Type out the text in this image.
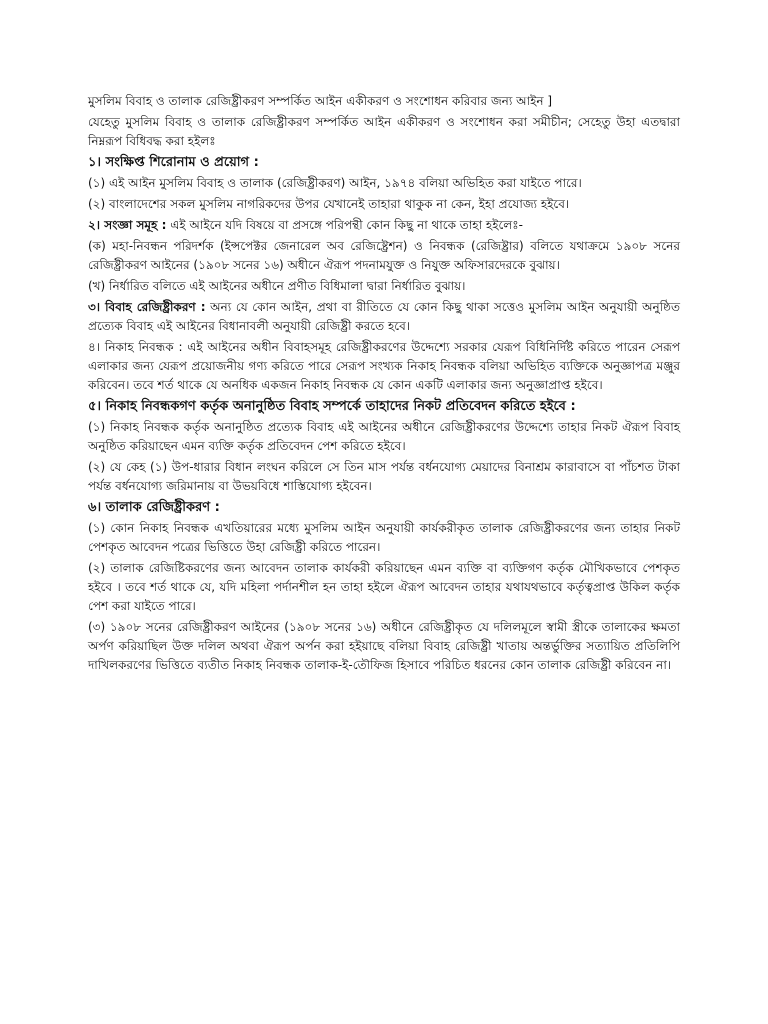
মুসলিম বিবাহ ও তালাক রেজিষ্ট্রীকরণ সম্পর্কিত আইন একীকরণ ও সংশোধন করিবার জন্য আইন ]

যেহেতু মুসলিম বিবাহ ও তালাক রেজিষ্ট্রীকরণ সম্পর্কিত আইন একীকরণ ও সংশোধন করা সমীচীন; সেহেতু উহা এতদ্বারা নিম্নরূপ বিধিবদ্ধ করা হইলঃ

১। সংক্ষিপ্ত শিরোনাম ও প্রয়োগ :

(১) এই আইন মুসলিম বিবাহ ও তালাক (রেজিষ্ট্রীকরণ) আইন, ১৯৭৪ বলিয়া অভিহিত করা যাইতে পারে।

(২) বাংলাদেশের সকল মুসলিম নাগরিকদের উপর যেখানেই তাহারা থাকুক না কেন, ইহা প্রযোজ্য হইবে।

২। সংজ্ঞা সমূহ : এই আইনে যদি বিষয়ে বা প্রসঙ্গে পরিপন্থী কোন কিছু না থাকে তাহা হইলেঃ-

(ক) মহা-নিবন্ধন পরিদর্শক (ইন্সপেক্টর জেনারেল অব রেজিষ্ট্রেশন) ও নিবন্ধক (রেজিষ্ট্রার) বলিতে যথাক্রমে ১৯০৮ সনের রেজিষ্ট্রীকরণ আইনের (১৯০৮ সনের ১৬) অধীনে ঐরূপ পদনামযুক্ত ও নিযুক্ত অফিসারদেরকে বুঝায়।

(খ) নির্ধারিত বলিতে এই আইনের অধীনে প্রণীত বিধিমালা দ্বারা নির্ধারিত বুঝায়।

৩। বিবাহ রেজিষ্ট্রীকরণ : অন্য যে কোন আইন, প্রথা বা রীতিতে যে কোন কিছু থাকা সত্তেও মুসলিম আইন অনুযায়ী অনুষ্ঠিত প্রত্যেক বিবাহ এই আইনের বিধানাবলী অনুযায়ী রেজিষ্ট্রী করতে হবে।

৪। নিকাহ নিবন্ধক : এই আইনের অধীন বিবাহসমূহ রেজিষ্ট্রীকরণের উদ্দেশ্যে সরকার যেরূপ বিধিনির্দিষ্ট করিতে পারেন সেরূপ এলাকার জন্য যেরূপ প্রয়োজনীয় গণ্য করিতে পারে সেরূপ সংখ্যক নিকাহ নিবন্ধক বলিয়া অভিহিত ব্যক্তিকে অনুজ্ঞাপত্র মঞ্জুর করিবেন। তবে শর্ত থাকে যে অনধিক একজন নিকাহ নিবন্ধক যে কোন একটি এলাকার জন্য অনুজ্ঞাপ্রাপ্ত হইবে।

৫। নিকাহ নিবন্ধকগণ কর্তৃক অনানুষ্ঠিত বিবাহ সম্পর্কে তাহাদের নিকট প্রতিবেদন করিতে হইবে :

(১) নিকাহ নিবন্ধক কর্তৃক অনানুষ্ঠিত প্রত্যেক বিবাহ এই আইনের অধীনে রেজিষ্ট্রীকরণের উদ্দেশ্যে তাহার নিকট ঐরূপ বিবাহ অনুষ্ঠিত করিয়াছেন এমন ব্যক্তি কর্তৃক প্রতিবেদন পেশ করিতে হইবে।

(২) যে কেহ (১) উপ-ধারার বিধান লংঘন করিলে সে তিন মাস পর্যন্ত বর্ধনযোগ্য মেয়াদের বিনাশ্রম কারাবাসে বা পাঁচশত টাকা পর্যন্ত বর্ধনযোগ্য জরিমানায় বা উভয়বিধে শাস্তিযোগ্য হইবেন।

৬। তালাক রেজিষ্ট্রীকরণ :

(১) কোন নিকাহ নিবন্ধক এখতিয়ারের মধ্যে মুসলিম আইন অনুযায়ী কার্যকরীকৃত তালাক রেজিষ্ট্রীকরণের জন্য তাহার নিকট পেশকৃত আবেদন পত্রের ভিত্তিতে উহা রেজিষ্ট্রী করিতে পারেন।

(২) তালাক রেজিষ্টিকরণের জন্য আবেদন তালাক কার্যকরী করিয়াছেন এমন ব্যক্তি বা ব্যক্তিগণ কর্তৃক মৌখিকভাবে পেশকৃত হইবে । তবে শর্ত থাকে যে, যদি মহিলা পর্দানশীল হন তাহা হইলে ঐরূপ আবেদন তাহার যথাযথভাবে কর্তৃত্বপ্রাপ্ত উকিল কর্তৃক পেশ করা যাইতে পারে।

(৩) ১৯০৮ সনের রেজিষ্ট্রীকরণ আইনের (১৯০৮ সনের ১৬) অধীনে রেজিষ্ট্রীকৃত যে দলিলমূলে স্বামী স্ত্রীকে তালাকের ক্ষমতা অর্পণ করিয়াছিল উক্ত দলিল অথবা ঐরূপ অর্পন করা হইয়াছে বলিয়া বিবাহ রেজিষ্ট্রী খাতায় অন্তর্ভুক্তির সত্যায়িত প্রতিলিপি দাখিলকরণের ভিত্তিতে ব্যতীত নিকাহ নিবন্ধক তালাক-ই-তৌফিজ হিসাবে পরিচিত ধরনের কোন তালাক রেজিষ্ট্রী করিবেন না।
